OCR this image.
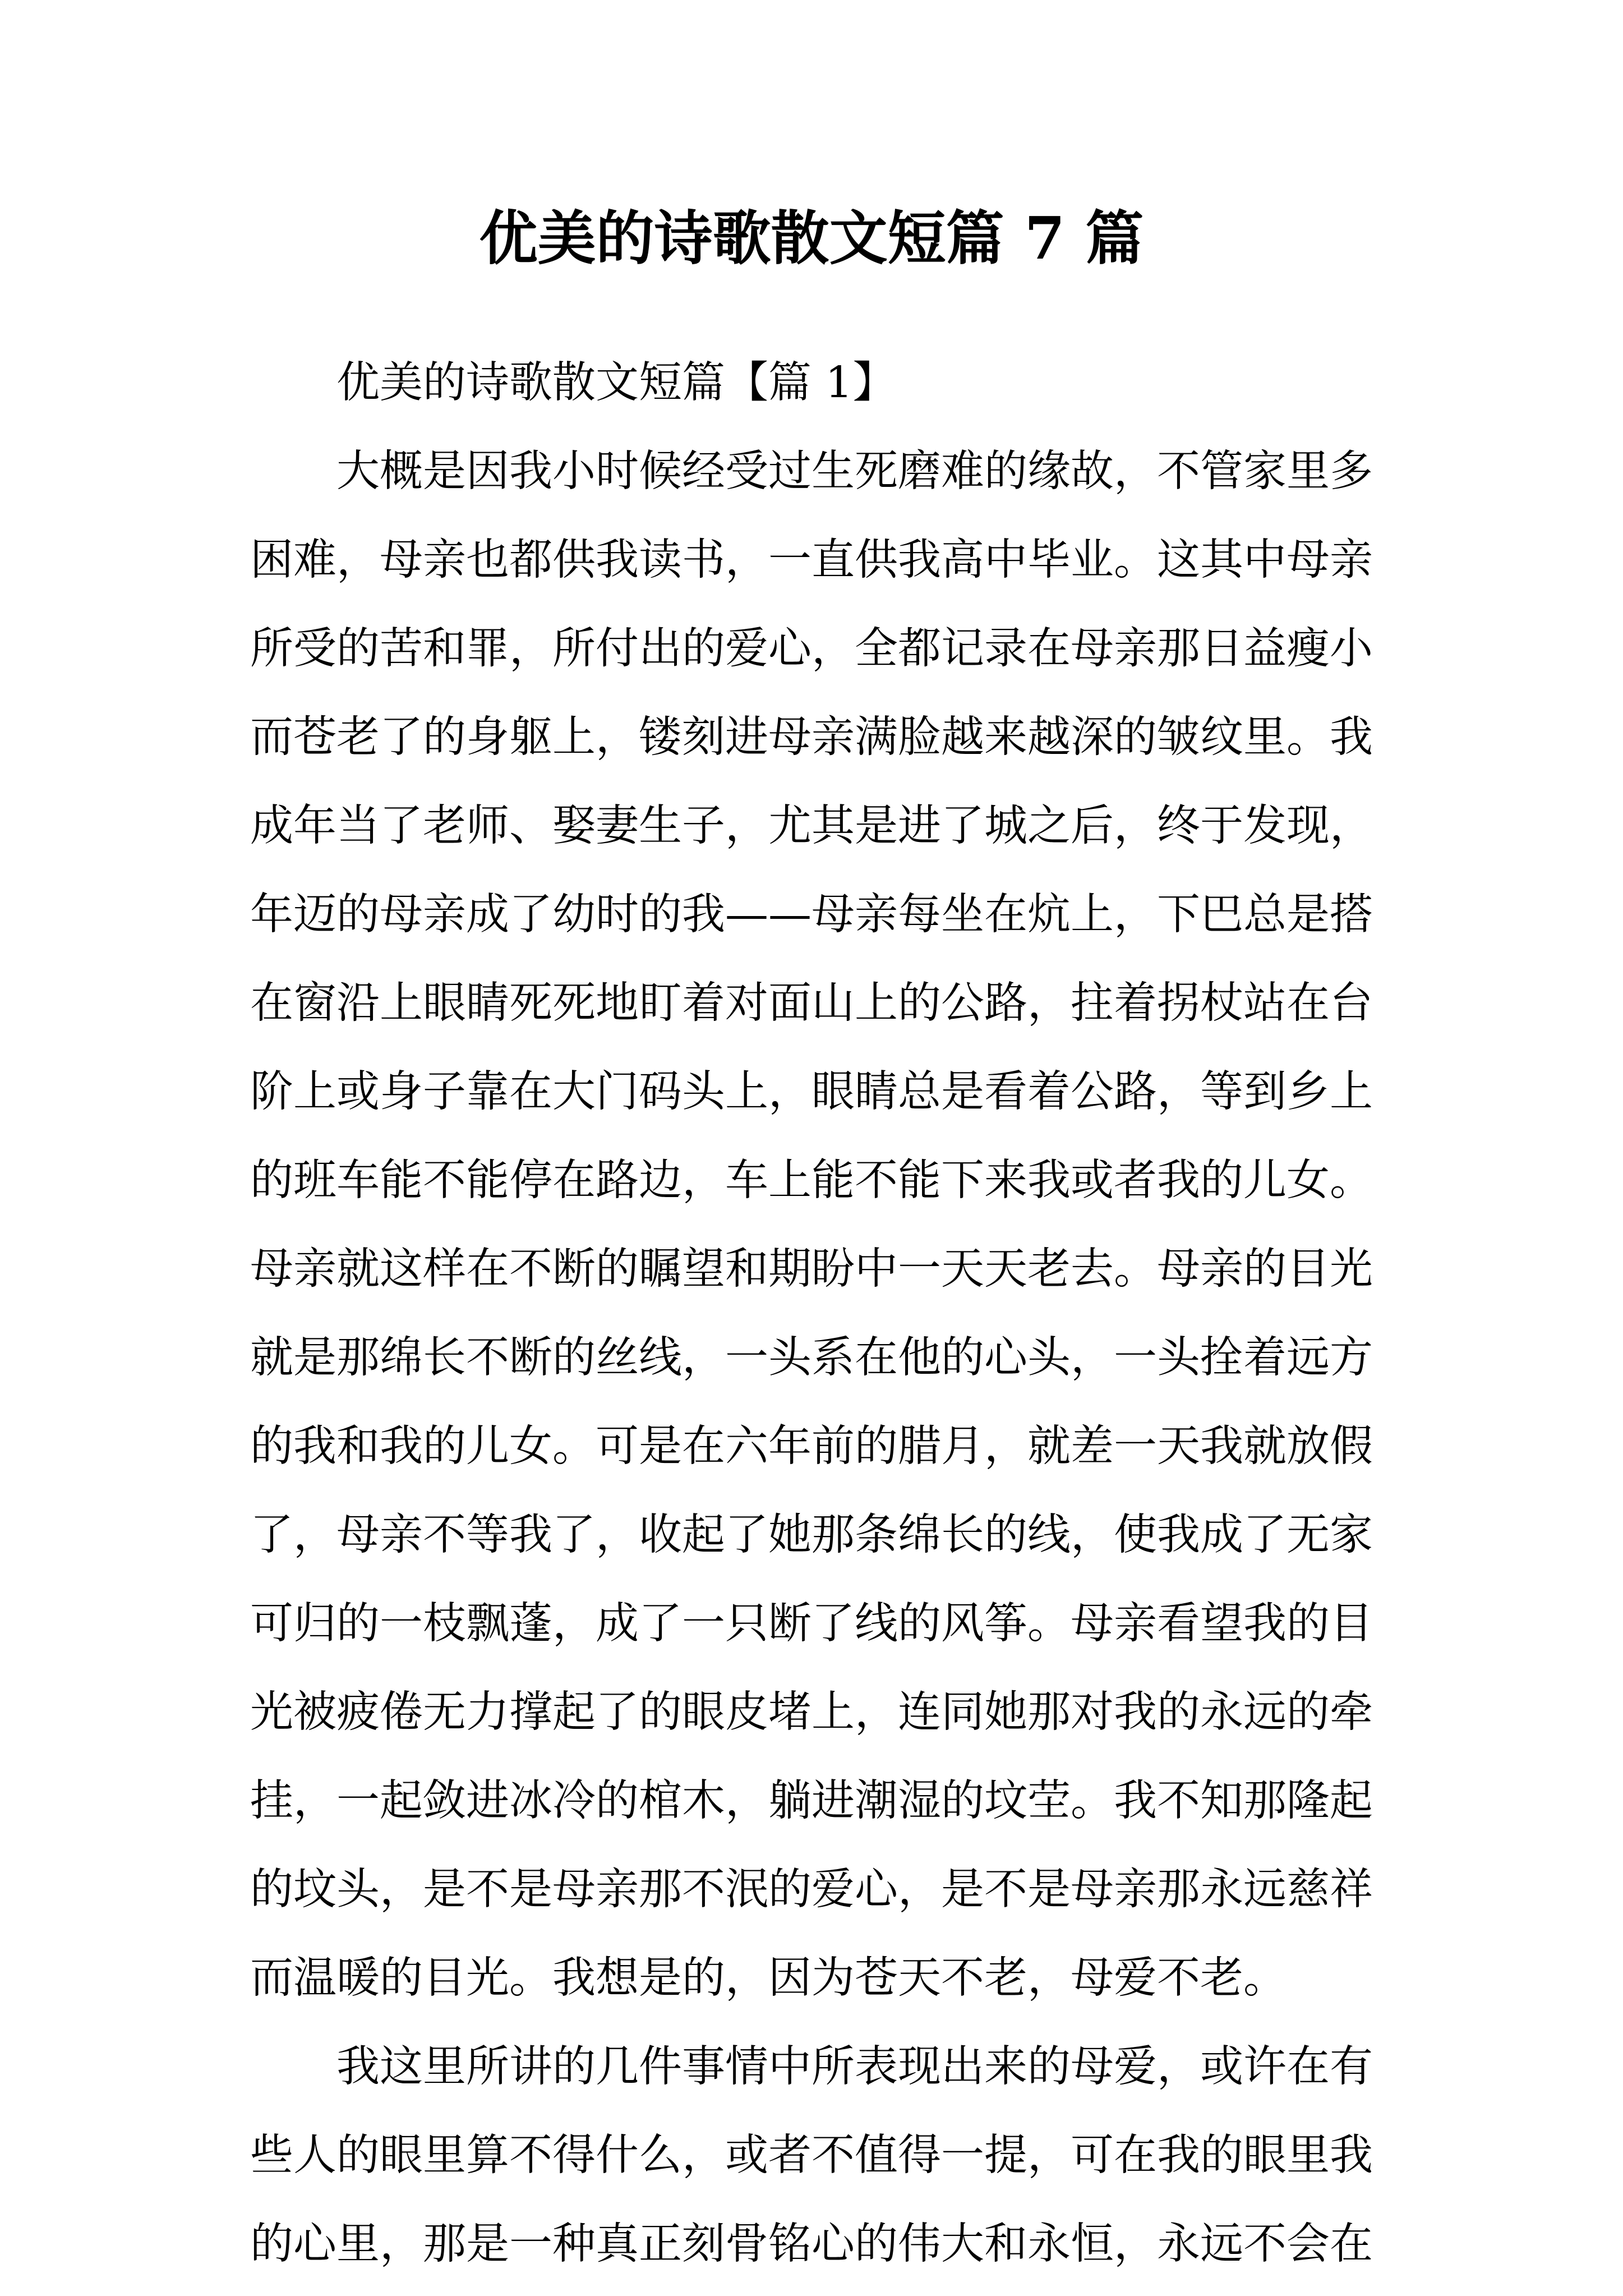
优美的诗歌散文短篇 7 篇

优美的诗歌散文短篇【篇 1】

大概是因我小时候经受过生死磨难的缘故，不管家里多困难，母亲也都供我读书，一直供我高中毕业。这其中母亲所受的苦和罪，所付出的爱心，全都记录在母亲那日益瘦小而苍老了的身躯上，镂刻进母亲满脸越来越深的皱纹里。我成年当了老师、娶妻生子，尤其是进了城之后，终于发现，年迈的母亲成了幼时的我——母亲每坐在炕上，下巴总是搭在窗沿上眼睛死死地盯着对面山上的公路，拄着拐杖站在台阶上或身子靠在大门码头上，眼睛总是看着公路，等到乡上的班车能不能停在路边，车上能不能下来我或者我的儿女。母亲就这样在不断的瞩望和期盼中一天天老去。母亲的目光就是那绵长不断的丝线，一头系在他的心头，一头拴着远方的我和我的儿女。可是在六年前的腊月，就差一天我就放假了，母亲不等我了，收起了她那条绵长的线，使我成了无家可归的一枝飘蓬，成了一只断了线的风筝。母亲看望我的目光被疲倦无力撑起了的眼皮堵上，连同她那对我的永远的牵挂，一起敛进冰冷的棺木，躺进潮湿的坟茔。我不知那隆起的坟头，是不是母亲那不泯的爱心，是不是母亲那永远慈祥而温暖的目光。我想是的，因为苍天不老，母爱不老。

我这里所讲的几件事情中所表现出来的母爱，或许在有些人的眼里算不得什么，或者不值得一提，可在我的眼里我的心里，那是一种真正刻骨铭心的伟大和永恒，永远不会在
